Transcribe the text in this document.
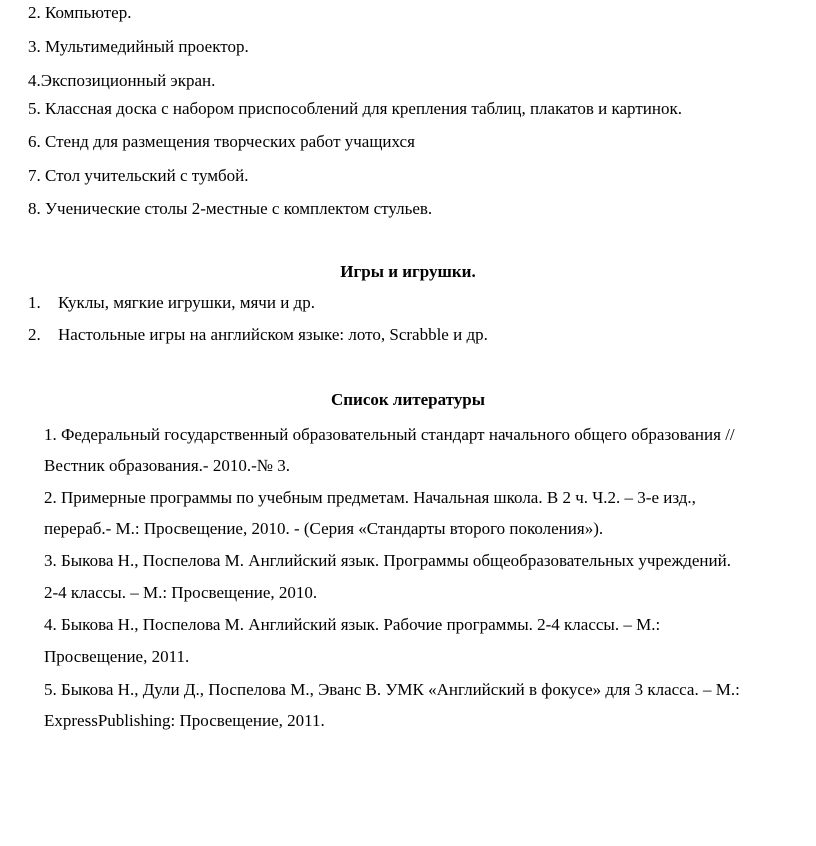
2. Компьютер.
3. Мультимедийный проектор.
4.Экспозиционный экран.
5. Классная доска с набором приспособлений для крепления таблиц, плакатов и картинок.
6. Стенд для размещения творческих работ учащихся
7. Стол учительский с тумбой.
8. Ученические столы 2-местные с комплектом стульев.
Игры и игрушки.
1. Куклы, мягкие игрушки, мячи и др.
2. Настольные игры на английском языке: лото, Scrabble и др.
Список литературы
1. Федеральный государственный образовательный стандарт начального общего образования //
Вестник образования.- 2010.-№ 3.
2. Примерные программы по учебным предметам. Начальная школа. В 2 ч. Ч.2. – 3-е изд.,
перераб.- М.: Просвещение, 2010. - (Серия «Стандарты второго поколения»).
3. Быкова Н., Поспелова М. Английский язык. Программы общеобразовательных учреждений.
2-4 классы. – М.: Просвещение, 2010.
4. Быкова Н., Поспелова М. Английский язык. Рабочие программы. 2-4 классы. – М.:
Просвещение, 2011.
5. Быкова Н., Дули Д., Поспелова М., Эванс В. УМК «Английский в фокусе» для 3 класса. – М.:
ExpressPublishing: Просвещение, 2011.
